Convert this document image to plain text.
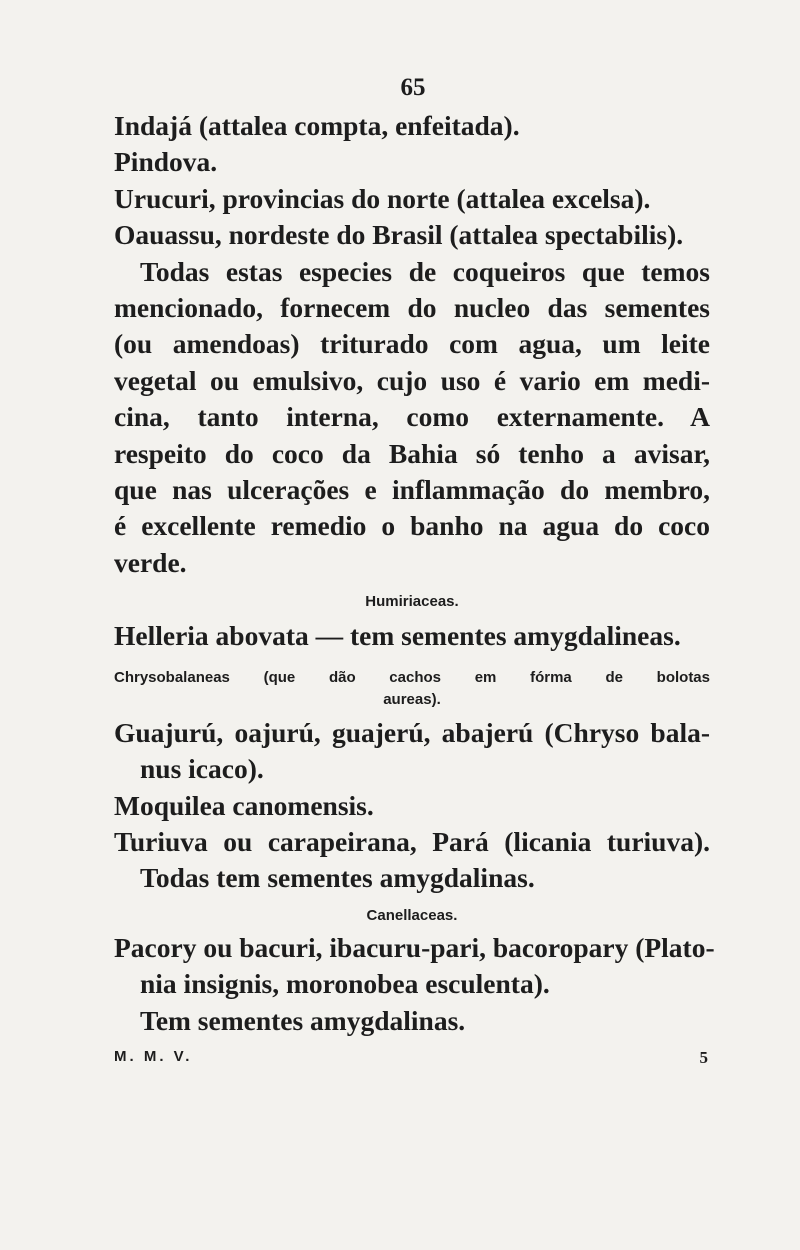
65
Indajá (attalea compta, enfeitada).
Pindova.
Urucuri, provincias do norte (attalea excelsa).
Oauassu, nordeste do Brasil (attalea spectabilis).
Todas estas especies de coqueiros que temos
mencionado, fornecem do nucleo das sementes
(ou amendoas) triturado com agua, um leite
vegetal ou emulsivo, cujo uso é vario em medi-
cina, tanto interna, como externamente. A
respeito do coco da Bahia só tenho a avisar,
que nas ulcerações e inflammação do membro,
é excellente remedio o banho na agua do coco
verde.
Humiriaceas.
Helleria abovata — tem sementes amygdalineas.
Chrysobalaneas (que dão cachos em fórma de bolotas
aureas).
Guajurú, oajurú, guajerú, abajerú (Chryso bala-
nus icaco).
Moquilea canomensis.
Turiuva ou carapeirana, Pará (licania turiuva).
Todas tem sementes amygdalinas.
Canellaceas.
Pacory ou bacuri, ibacuru-pari, bacoropary (Plato-
nia insignis, moronobea esculenta).
Tem sementes amygdalinas.
M. M. V.	5
